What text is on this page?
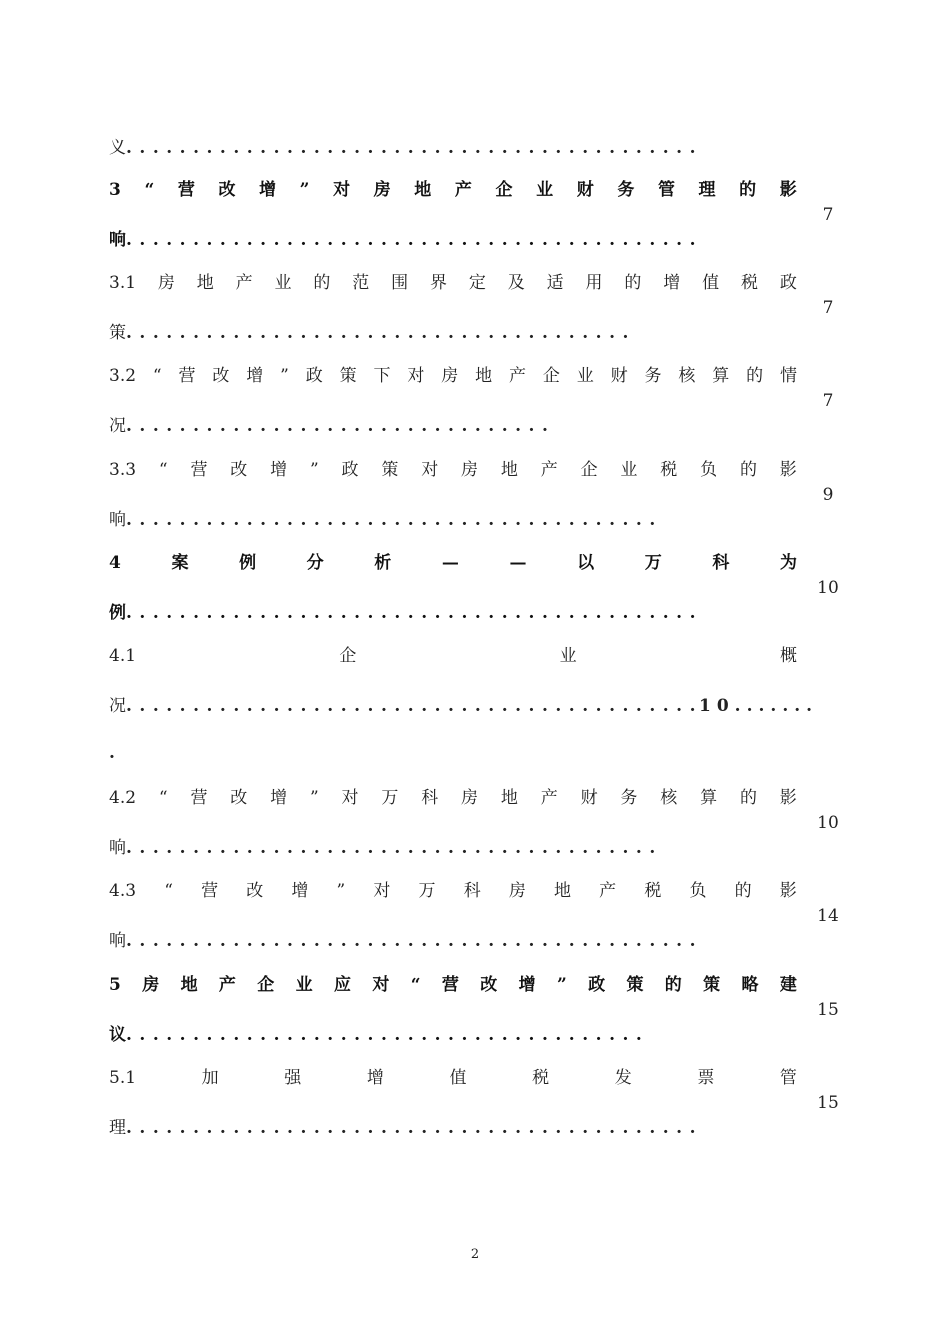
义 ...........................................
3 “ 营 改 增 ” 对 房 地 产 企 业 财 务 管 理 的 影
响 ...........................................
7
3.1 房 地 产 业 的 范 围 界 定 及 适 用 的 增 值 税 政
策 ......................................
7
3.2 “ 营 改 增 ” 政 策 下 对 房 地 产 企 业 财 务 核 算 的 情
况 ................................
7
3.3 “ 营 改 增 ” 政 策 对 房 地 产 企 业 税 负 的 影
响 ........................................
9
4	案	例	分	析	—	—	以	万	科	为
例 ...........................................
10
4.1	企	业	概
况 ...........................................
10.......
.
4.2 “ 营 改 增 ” 对 万 科 房 地 产 财 务 核 算 的 影
响 ........................................
10
4.3 “ 营 改 增 ” 对 万 科 房 地 产 税 负 的 影
响 ...........................................
14
5 房 地 产 企 业 应 对 “ 营 改 增 ” 政 策 的 策 略 建
议 .......................................
15
5.1	加	强	增	值	税	发	票	管
理 ...........................................
15
2
